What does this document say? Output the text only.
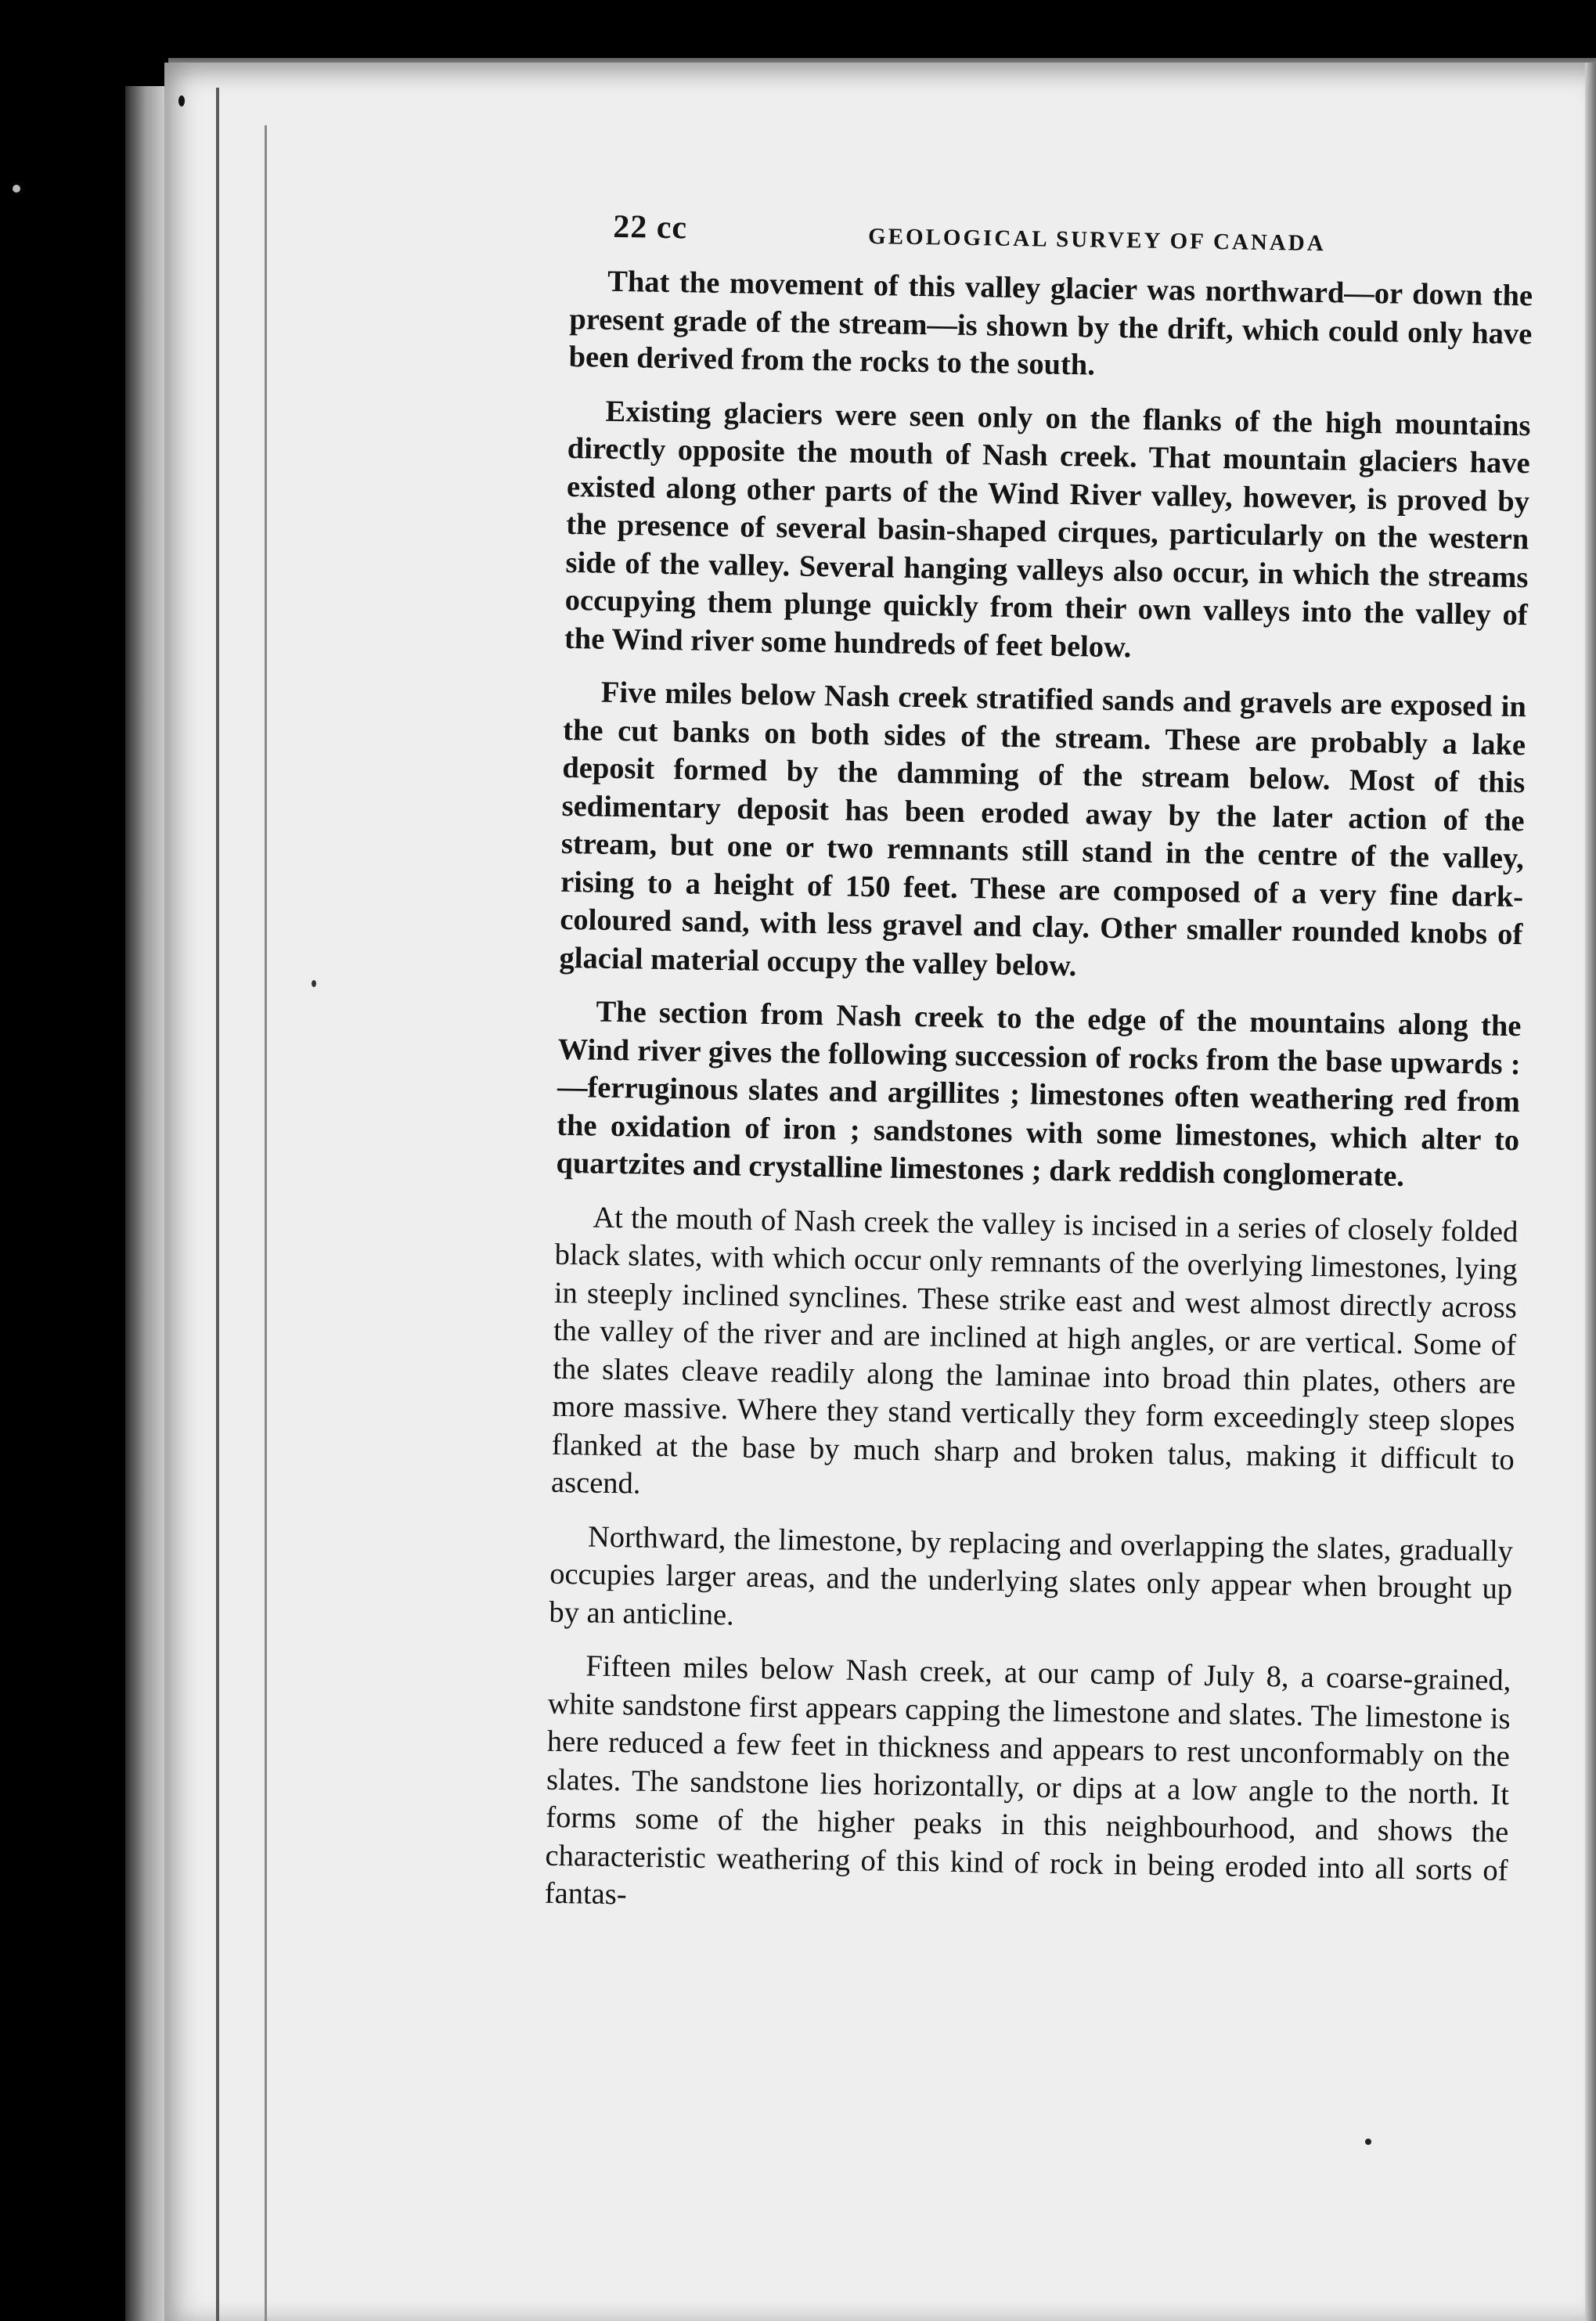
22 cc	GEOLOGICAL SURVEY OF CANADA

That the movement of this valley glacier was northward—or down the present grade of the stream—is shown by the drift, which could only have been derived from the rocks to the south.

Existing glaciers were seen only on the flanks of the high mountains directly opposite the mouth of Nash creek. That mountain glaciers have existed along other parts of the Wind River valley, however, is proved by the presence of several basin-shaped cirques, particularly on the western side of the valley. Several hanging valleys also occur, in which the streams occupying them plunge quickly from their own valleys into the valley of the Wind river some hundreds of feet below.

Five miles below Nash creek stratified sands and gravels are exposed in the cut banks on both sides of the stream. These are probably a lake deposit formed by the damming of the stream below. Most of this sedimentary deposit has been eroded away by the later action of the stream, but one or two remnants still stand in the centre of the valley, rising to a height of 150 feet. These are composed of a very fine dark-coloured sand, with less gravel and clay. Other smaller rounded knobs of glacial material occupy the valley below.

The section from Nash creek to the edge of the mountains along the Wind river gives the following succession of rocks from the base upwards :—ferruginous slates and argillites ; limestones often weathering red from the oxidation of iron ; sandstones with some limestones, which alter to quartzites and crystalline limestones ; dark reddish conglomerate.

At the mouth of Nash creek the valley is incised in a series of closely folded black slates, with which occur only remnants of the overlying limestones, lying in steeply inclined synclines. These strike east and west almost directly across the valley of the river and are inclined at high angles, or are vertical. Some of the slates cleave readily along the laminae into broad thin plates, others are more massive. Where they stand vertically they form exceedingly steep slopes flanked at the base by much sharp and broken talus, making it difficult to ascend.

Northward, the limestone, by replacing and overlapping the slates, gradually occupies larger areas, and the underlying slates only appear when brought up by an anticline.

Fifteen miles below Nash creek, at our camp of July 8, a coarse-grained, white sandstone first appears capping the limestone and slates. The limestone is here reduced a few feet in thickness and appears to rest unconformably on the slates. The sandstone lies horizontally, or dips at a low angle to the north. It forms some of the higher peaks in this neighbourhood, and shows the characteristic weathering of this kind of rock in being eroded into all sorts of fantas-
